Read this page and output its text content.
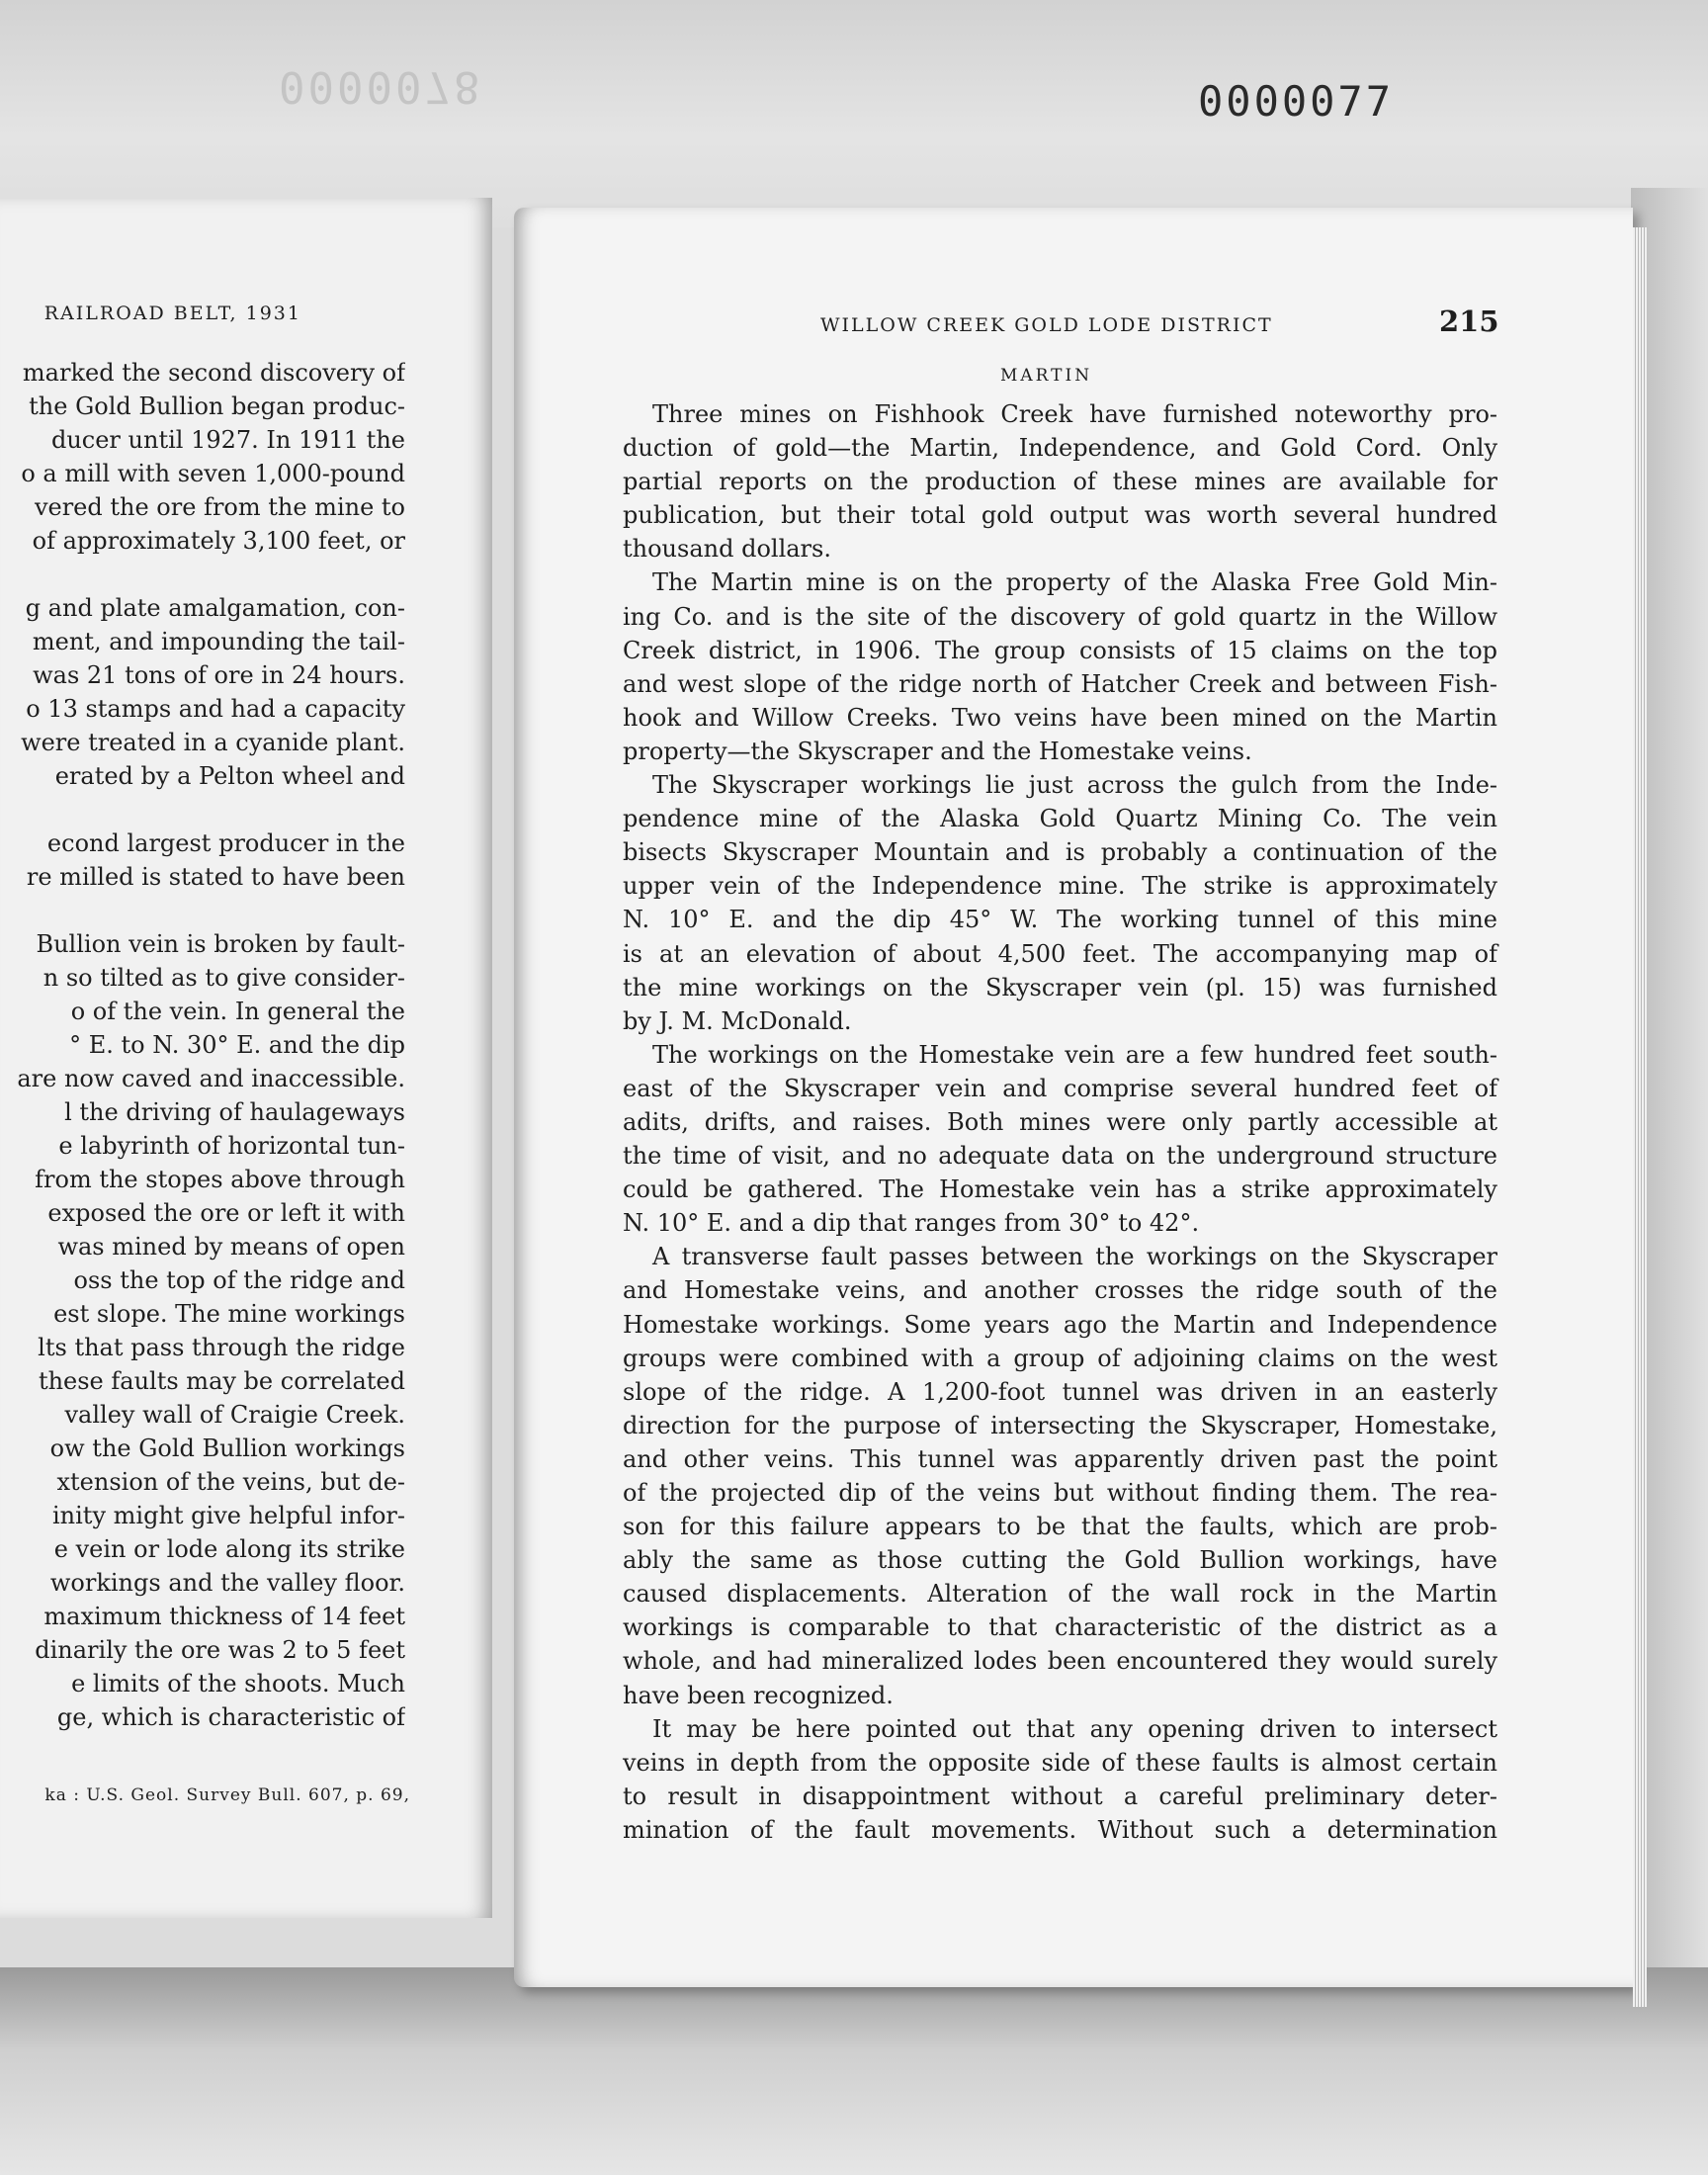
0000078	0000077
RAILROAD BELT, 1931
marked the second discovery of
the Gold Bullion began produc-
ducer until 1927. In 1911 the
o a mill with seven 1,000-pound
vered the ore from the mine to
of approximately 3,100 feet, or
g and plate amalgamation, con-
ment, and impounding the tail-
was 21 tons of ore in 24 hours.
o 13 stamps and had a capacity
were treated in a cyanide plant.
erated by a Pelton wheel and
econd largest producer in the
re milled is stated to have been
Bullion vein is broken by fault-
n so tilted as to give consider-
o of the vein. In general the
° E. to N. 30° E. and the dip
are now caved and inaccessible.
l the driving of haulageways
e labyrinth of horizontal tun-
from the stopes above through
exposed the ore or left it with
was mined by means of open
oss the top of the ridge and
est slope. The mine workings
lts that pass through the ridge
these faults may be correlated
valley wall of Craigie Creek.
ow the Gold Bullion workings
xtension of the veins, but de-
inity might give helpful infor-
e vein or lode along its strike
workings and the valley floor.
maximum thickness of 14 feet
dinarily the ore was 2 to 5 feet
e limits of the shoots. Much
ge, which is characteristic of
ka : U.S. Geol. Survey Bull. 607, p. 69,
WILLOW CREEK GOLD LODE DISTRICT	215
MARTIN
Three mines on Fishhook Creek have furnished noteworthy pro-
duction of gold—the Martin, Independence, and Gold Cord. Only
partial reports on the production of these mines are available for
publication, but their total gold output was worth several hundred
thousand dollars.
The Martin mine is on the property of the Alaska Free Gold Min-
ing Co. and is the site of the discovery of gold quartz in the Willow
Creek district, in 1906. The group consists of 15 claims on the top
and west slope of the ridge north of Hatcher Creek and between Fish-
hook and Willow Creeks. Two veins have been mined on the Martin
property—the Skyscraper and the Homestake veins.
The Skyscraper workings lie just across the gulch from the Inde-
pendence mine of the Alaska Gold Quartz Mining Co. The vein
bisects Skyscraper Mountain and is probably a continuation of the
upper vein of the Independence mine. The strike is approximately
N. 10° E. and the dip 45° W. The working tunnel of this mine
is at an elevation of about 4,500 feet. The accompanying map of
the mine workings on the Skyscraper vein (pl. 15) was furnished
by J. M. McDonald.
The workings on the Homestake vein are a few hundred feet south-
east of the Skyscraper vein and comprise several hundred feet of
adits, drifts, and raises. Both mines were only partly accessible at
the time of visit, and no adequate data on the underground structure
could be gathered. The Homestake vein has a strike approximately
N. 10° E. and a dip that ranges from 30° to 42°.
A transverse fault passes between the workings on the Skyscraper
and Homestake veins, and another crosses the ridge south of the
Homestake workings. Some years ago the Martin and Independence
groups were combined with a group of adjoining claims on the west
slope of the ridge. A 1,200-foot tunnel was driven in an easterly
direction for the purpose of intersecting the Skyscraper, Homestake,
and other veins. This tunnel was apparently driven past the point
of the projected dip of the veins but without finding them. The rea-
son for this failure appears to be that the faults, which are prob-
ably the same as those cutting the Gold Bullion workings, have
caused displacements. Alteration of the wall rock in the Martin
workings is comparable to that characteristic of the district as a
whole, and had mineralized lodes been encountered they would surely
have been recognized.
It may be here pointed out that any opening driven to intersect
veins in depth from the opposite side of these faults is almost certain
to result in disappointment without a careful preliminary deter-
mination of the fault movements. Without such a determination
